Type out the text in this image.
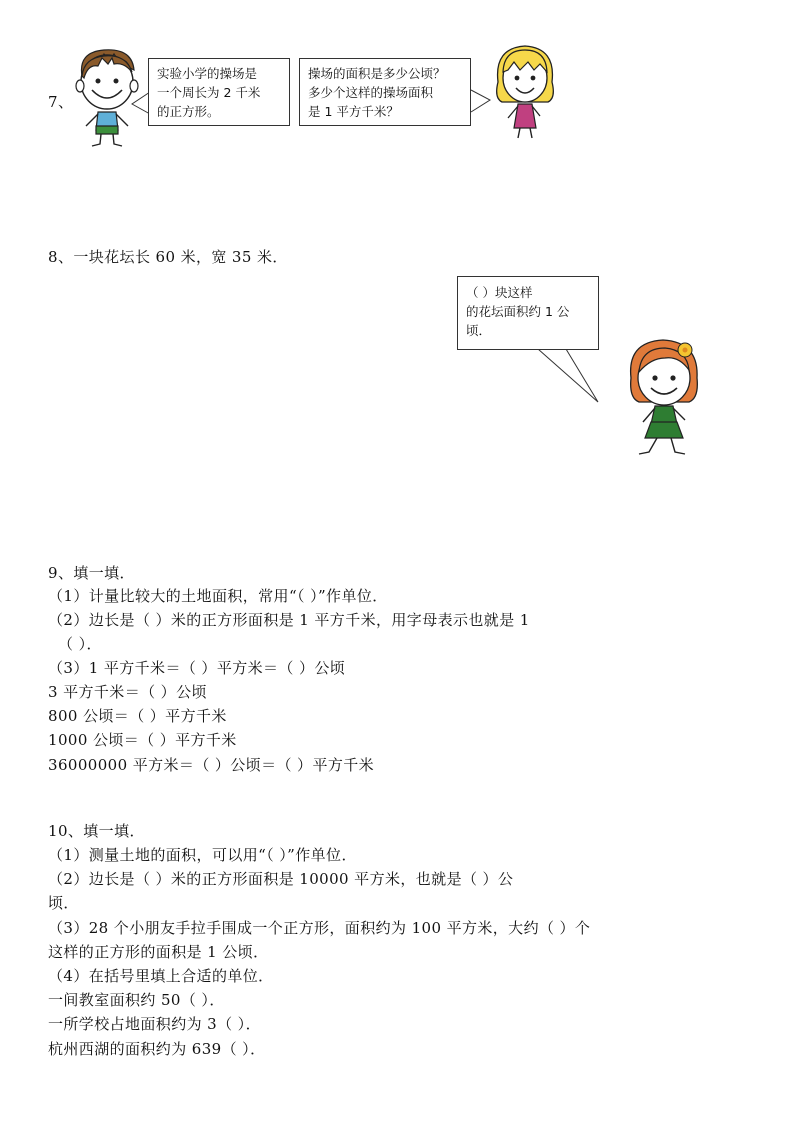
7、
实验小学的操场是
一个周长为 2 千米
的正方形。
操场的面积是多少公顷？
多少个这样的操场面积
是 1 平方千米？
8、一块花坛长 60 米，宽 35 米．
（ ）块这样
的花坛面积约 1 公
顷．
9、填一填．
（1）计量比较大的土地面积，常用“（ ）”作单位．
（2）边长是（ ）米的正方形面积是 1 平方千米，用字母表示也就是 1
（ ）．
（3）1 平方千米＝（ ）平方米＝（ ）公顷
3 平方千米＝（ ）公顷
800 公顷＝（ ）平方千米
1000 公顷＝（ ）平方千米
36000000 平方米＝（ ）公顷＝（ ）平方千米
10、填一填．
（1）测量土地的面积，可以用“（ ）”作单位．
（2）边长是（ ）米的正方形面积是 10000 平方米，也就是（ ）公
顷．
（3）28 个小朋友手拉手围成一个正方形，面积约为 100 平方米，大约（ ）个
这样的正方形的面积是 1 公顷．
（4）在括号里填上合适的单位．
一间教室面积约 50（ ）．
一所学校占地面积约为 3（ ）．
杭州西湖的面积约为 639（ ）．
